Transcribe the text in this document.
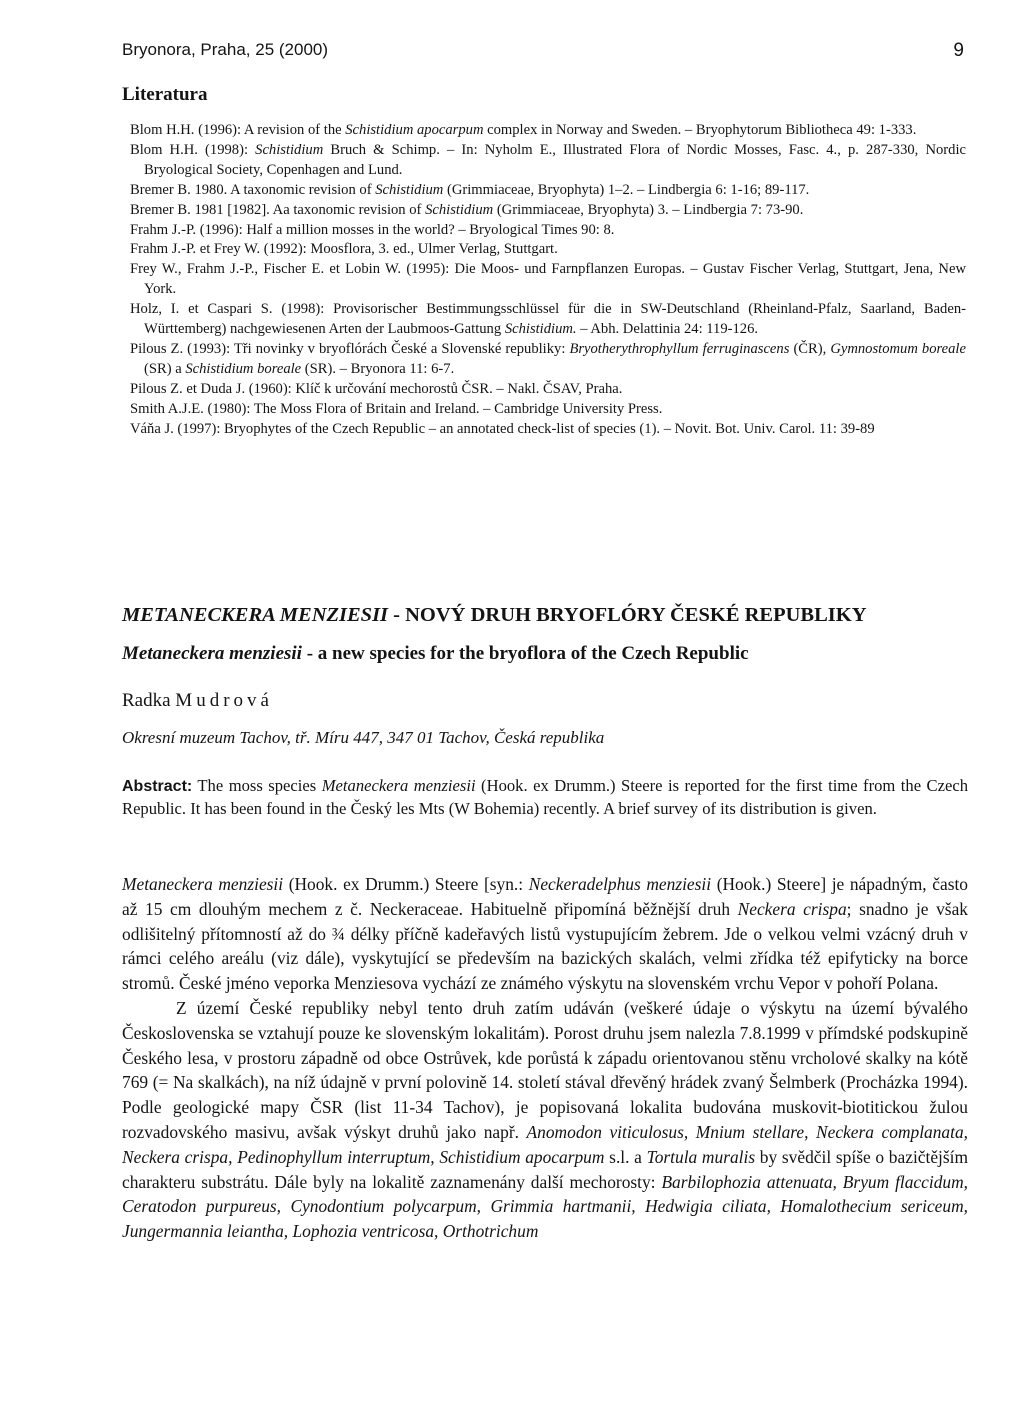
Bryonora, Praha, 25 (2000)	9
Literatura
Blom H.H. (1996): A revision of the Schistidium apocarpum complex in Norway and Sweden. – Bryophytorum Bibliotheca 49: 1-333.
Blom H.H. (1998): Schistidium Bruch & Schimp. – In: Nyholm E., Illustrated Flora of Nordic Mosses, Fasc. 4., p. 287-330, Nordic Bryological Society, Copenhagen and Lund.
Bremer B. 1980. A taxonomic revision of Schistidium (Grimmiaceae, Bryophyta) 1–2. – Lindbergia 6: 1-16; 89-117.
Bremer B. 1981 [1982]. Aa taxonomic revision of Schistidium (Grimmiaceae, Bryophyta) 3. – Lindbergia 7: 73-90.
Frahm J.-P. (1996): Half a million mosses in the world? – Bryological Times 90: 8.
Frahm J.-P. et Frey W. (1992): Moosflora, 3. ed., Ulmer Verlag, Stuttgart.
Frey W., Frahm J.-P., Fischer E. et Lobin W. (1995): Die Moos- und Farnpflanzen Europas. – Gustav Fischer Verlag, Stuttgart, Jena, New York.
Holz, I. et Caspari S. (1998): Provisorischer Bestimmungsschlüssel für die in SW-Deutschland (Rheinland-Pfalz, Saarland, Baden-Württemberg) nachgewiesenen Arten der Laubmoos-Gattung Schistidium. – Abh. Delattinia 24: 119-126.
Pilous Z. (1993): Tři novinky v bryoflórách České a Slovenské republiky: Bryotherythrophyllum ferruginascens (ČR), Gymnostomum boreale (SR) a Schistidium boreale (SR). – Bryonora 11: 6-7.
Pilous Z. et Duda J. (1960): Klíč k určování mechorostů ČSR. – Nakl. ČSAV, Praha.
Smith A.J.E. (1980): The Moss Flora of Britain and Ireland. – Cambridge University Press.
Váňa J. (1997): Bryophytes of the Czech Republic – an annotated check-list of species (1). – Novit. Bot. Univ. Carol. 11: 39-89
METANECKERA MENZIESII - NOVÝ DRUH BRYOFLÓRY ČESKÉ REPUBLIKY
Metaneckera menziesii - a new species for the bryoflora of the Czech Republic
Radka Mudrová
Okresní muzeum Tachov, tř. Míru 447, 347 01 Tachov, Česká republika
Abstract: The moss species Metaneckera menziesii (Hook. ex Drumm.) Steere is reported for the first time from the Czech Republic. It has been found in the Český les Mts (W Bohemia) recently. A brief survey of its distribution is given.

Metaneckera menziesii (Hook. ex Drumm.) Steere [syn.: Neckeradelphus menziesii (Hook.) Steere] je nápadným, často až 15 cm dlouhým mechem z č. Neckeraceae. Habituelně připomíná běžnější druh Neckera crispa; snadno je však odlišitelný přítomností až do ¾ délky příčně kadeřavých listů vystupujícím žebrem. Jde o velkou velmi vzácný druh v rámci celého areálu (viz dále), vyskytující se především na bazických skalách, velmi zřídka též epifyticky na borce stromů. České jméno veporka Menziesova vychází ze známého výskytu na slovenském vrchu Vepor v pohoří Polana.

Z území České republiky nebyl tento druh zatím udáván (veškeré údaje o výskytu na území bývalého Československa se vztahují pouze ke slovenským lokalitám). Porost druhu jsem nalezla 7.8.1999 v přímdské podskupině Českého lesa, v prostoru západně od obce Ostrůvek, kde porůstá k západu orientovanou stěnu vrcholové skalky na kótě 769 (= Na skalkách), na níž údajně v první polovině 14. století stával dřevěný hrádek zvaný Šelmberk (Procházka 1994). Podle geologické mapy ČSR (list 11-34 Tachov), je popisovaná lokalita budována muskovit-biotitickou žulou rozvadovského masivu, avšak výskyt druhů jako např. Anomodon viticulosus, Mnium stellare, Neckera complanata, Neckera crispa, Pedinophyllum interruptum, Schistidium apocarpum s.l. a Tortula muralis by svědčil spíše o bazičtějším charakteru substrátu. Dále byly na lokalitě zaznamenány další mechorosty: Barbilophozia attenuata, Bryum flaccidum, Ceratodon purpureus, Cynodontium polycarpum, Grimmia hartmanii, Hedwigia ciliata, Homalothecium sericeum, Jungermannia leiantha, Lophozia ventricosa, Orthotrichum
